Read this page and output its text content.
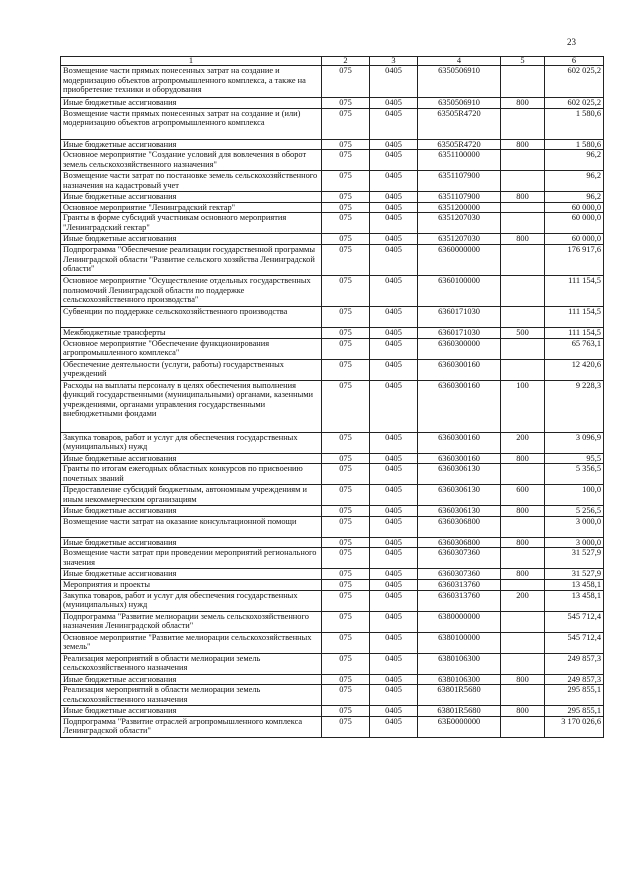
23
1	2	3	4	5	6
Возмещение части прямых понесенных затрат на создание и модернизацию объектов агропромышленного комплекса, а также на приобретение техники и оборудования	075	0405	6350506910		602 025,2
Иные бюджетные ассигнования	075	0405	6350506910	800	602 025,2
Возмещение части прямых понесенных затрат на создание и (или) модернизацию объектов агропромышленного комплекса	075	0405	63505R4720		1 580,6
Иные бюджетные ассигнования	075	0405	63505R4720	800	1 580,6
Основное мероприятие "Создание условий для вовлечения в оборот земель сельскохозяйственного назначения"	075	0405	6351100000		96,2
Возмещение части затрат по постановке земель сельскохозяйственного назначения на кадастровый учет	075	0405	6351107900		96,2
Иные бюджетные ассигнования	075	0405	6351107900	800	96,2
Основное мероприятие "Ленинградский гектар"	075	0405	6351200000		60 000,0
Гранты в форме субсидий участникам основного мероприятия "Ленинградский гектар"	075	0405	6351207030		60 000,0
Иные бюджетные ассигнования	075	0405	6351207030	800	60 000,0
Подпрограмма "Обеспечение реализации государственной программы Ленинградской области "Развитие сельского хозяйства Ленинградской области"	075	0405	6360000000		176 917,6
Основное мероприятие "Осуществление отдельных государственных полномочий Ленинградской области по поддержке сельскохозяйственного производства"	075	0405	6360100000		111 154,5
Субвенции по поддержке сельскохозяйственного производства	075	0405	6360171030		111 154,5
Межбюджетные трансферты	075	0405	6360171030	500	111 154,5
Основное мероприятие "Обеспечение функционирования агропромышленного комплекса"	075	0405	6360300000		65 763,1
Обеспечение деятельности (услуги, работы) государственных учреждений	075	0405	6360300160		12 420,6
Расходы на выплаты персоналу в целях обеспечения выполнения функций государственными (муниципальными) органами, казенными учреждениями, органами управления государственными внебюджетными фондами	075	0405	6360300160	100	9 228,3
Закупка товаров, работ и услуг для обеспечения государственных (муниципальных) нужд	075	0405	6360300160	200	3 096,9
Иные бюджетные ассигнования	075	0405	6360300160	800	95,5
Гранты по итогам ежегодных областных конкурсов по присвоению почетных званий	075	0405	6360306130		5 356,5
Предоставление субсидий бюджетным, автономным учреждениям и иным некоммерческим организациям	075	0405	6360306130	600	100,0
Иные бюджетные ассигнования	075	0405	6360306130	800	5 256,5
Возмещение части затрат на оказание консультационной помощи	075	0405	6360306800		3 000,0
Иные бюджетные ассигнования	075	0405	6360306800	800	3 000,0
Возмещение части затрат при проведении мероприятий регионального значения	075	0405	6360307360		31 527,9
Иные бюджетные ассигнования	075	0405	6360307360	800	31 527,9
Мероприятия и проекты	075	0405	6360313760		13 458,1
Закупка товаров, работ и услуг для обеспечения государственных (муниципальных) нужд	075	0405	6360313760	200	13 458,1
Подпрограмма "Развитие мелиорации земель сельскохозяйственного назначения Ленинградской области"	075	0405	6380000000		545 712,4
Основное мероприятие "Развитие мелиорации сельскохозяйственных земель"	075	0405	6380100000		545 712,4
Реализация мероприятий в области мелиорации земель сельскохозяйственного назначения	075	0405	6380106300		249 857,3
Иные бюджетные ассигнования	075	0405	6380106300	800	249 857,3
Реализация мероприятий в области мелиорации земель сельскохозяйственного назначения	075	0405	63801R5680		295 855,1
Иные бюджетные ассигнования	075	0405	63801R5680	800	295 855,1
Подпрограмма "Развитие отраслей агропромышленного комплекса Ленинградской области"	075	0405	63Б0000000		3 170 026,6
